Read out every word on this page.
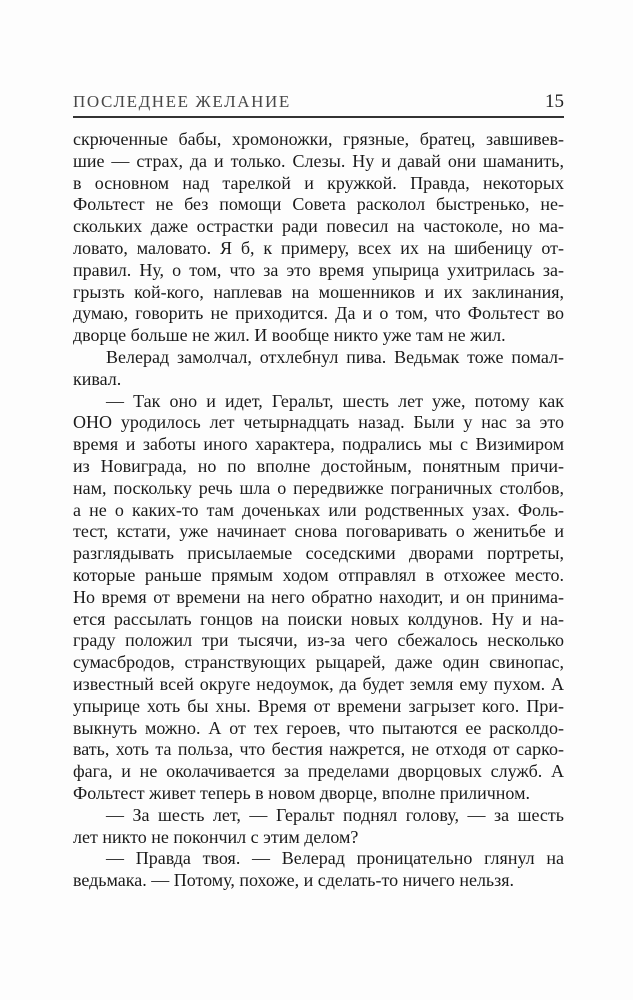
ПОСЛЕДНЕЕ ЖЕЛАНИЕ	15
скрюченные бабы, хромоножки, грязные, братец, завшивев-
шие — страх, да и только. Слезы. Ну и давай они шаманить,
в основном над тарелкой и кружкой. Правда, некоторых
Фольтест не без помощи Совета расколол быстренько, не-
скольких даже острастки ради повесил на частоколе, но ма-
ловато, маловато. Я б, к примеру, всех их на шибеницу от-
правил. Ну, о том, что за это время упырица ухитрилась за-
грызть кой-кого, наплевав на мошенников и их заклинания,
думаю, говорить не приходится. Да и о том, что Фольтест во
дворце больше не жил. И вообще никто уже там не жил.
Велерад замолчал, отхлебнул пива. Ведьмак тоже помал-
кивал.
— Так оно и идет, Геральт, шесть лет уже, потому как
ОНО уродилось лет четырнадцать назад. Были у нас за это
время и заботы иного характера, подрались мы с Визимиром
из Новиграда, но по вполне достойным, понятным причи-
нам, поскольку речь шла о передвижке пограничных столбов,
а не о каких-то там доченьках или родственных узах. Фоль-
тест, кстати, уже начинает снова поговаривать о женитьбе и
разглядывать присылаемые соседскими дворами портреты,
которые раньше прямым ходом отправлял в отхожее место.
Но время от времени на него обратно находит, и он принима-
ется рассылать гонцов на поиски новых колдунов. Ну и на-
граду положил три тысячи, из-за чего сбежалось несколько
сумасбродов, странствующих рыцарей, даже один свинопас,
известный всей округе недоумок, да будет земля ему пухом. А
упырице хоть бы хны. Время от времени загрызет кого. При-
выкнуть можно. А от тех героев, что пытаются ее расколдо-
вать, хоть та польза, что бестия нажрется, не отходя от сарко-
фага, и не околачивается за пределами дворцовых служб. А
Фольтест живет теперь в новом дворце, вполне приличном.
— За шесть лет, — Геральт поднял голову, — за шесть
лет никто не покончил с этим делом?
— Правда твоя. — Велерад проницательно глянул на
ведьмака. — Потому, похоже, и сделать-то ничего нельзя.
